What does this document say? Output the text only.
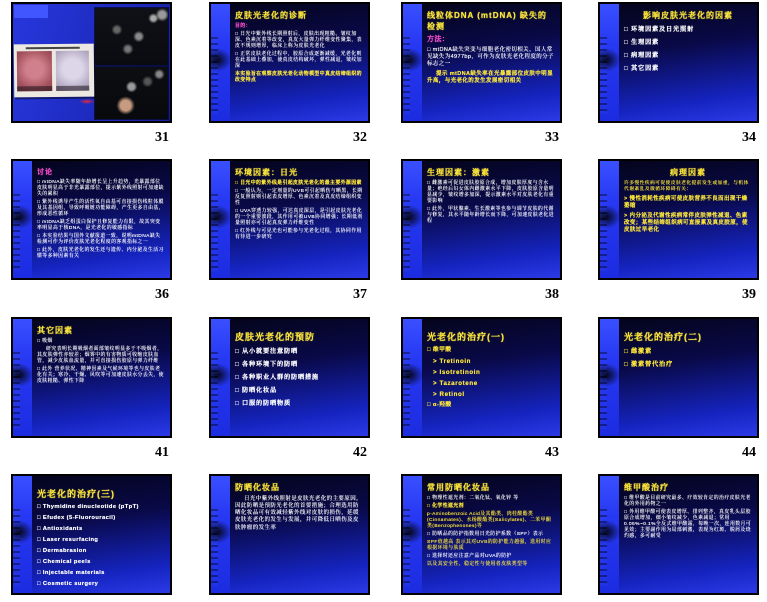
31
皮肤光老化的诊断
目的：
□ 日光中紫外线长期照射后，皮肤出现粗糙、皱纹加深、色素沉着等改变，真皮大量弹力纤维变性聚集，表皮不规则增厚，临床上称为皮肤光老化
□ 正常皮肤老化过程中，胶原合成逐渐减缓，光老化则在此基础上叠加，使真皮结构破坏，弹性减退，皱纹加深
本实验旨在观察皮肤光老化动物模型中真皮结缔组织的改变特点
32
线粒体DNA (mtDNA) 缺失的检测
方法：
□ mtDNA缺失突变与细胞老化密切相关，国人常见缺失为4977bp，可作为皮肤光老化程度的分子标志之一
提示 mtDNA缺失率在光暴露部位皮肤中明显升高，与光老化的发生发展密切相关
33
影响皮肤光老化的因素
□ 环境因素及日光照射
□ 生理因素
□ 病理因素
□ 其它因素
34
讨论
□ mtDNA缺失率随年龄增长呈上升趋势，光暴露部位皮肤明显高于非光暴露部位，提示紫外线照射可加速缺失的累积
□ 紫外线诱导产生的活性氧自由基可直接损伤线粒体膜及其基因组，导致呼吸链功能障碍，产生更多自由基，形成恶性循环
□ mtDNA缺乏组蛋白保护且修复能力有限，故其突变率明显高于核DNA，是光老化的敏感指标
□ 本实验结果与国外文献报道一致，说明mtDNA缺失检测可作为评价皮肤光老化程度的客观指标之一
□ 此外，皮肤光老化的发生还与遗传、内分泌及生活习惯等多种因素有关
36
环境因素：日光
□ 日光中的紫外线是引起皮肤光老化的最主要外源因素
□ 一般认为，一定剂量的UVB可引起晒伤与晒黑，长期反复照射则引起表皮增厚、色素沉着及真皮结缔组织变性
□ UVA穿透力较强，可达真皮深层，是引起皮肤光老化的一个重要波段，其作用可被UVB协同增强；长期低剂量照射亦可引起真皮弹力纤维变性
□ 红外线与可见光也可能参与光老化过程，其协同作用有待进一步研究
37
生理因素：激素
□ 雌激素可促进皮肤胶原合成，增加皮肤厚度与含水量；绝经后妇女体内雌激素水平下降，皮肤胶原含量明显减少，皱纹增多加深，提示激素水平对皮肤老化有重要影响
□ 此外，甲状腺素、生长激素等也参与调节皮肤的代谢与修复，其水平随年龄增长而下降，可加速皮肤老化进程
38
病理因素
许多慢性疾病可促使皮肤老化提前发生或加重，与机体代谢紊乱及微循环障碍有关：
> 慢性消耗性疾病可使皮肤营养不良而出现干燥萎缩
> 内分泌及代谢性疾病常伴皮肤弹性减退、色素改变；某些结缔组织病可直接累及真皮胶原，使皮肤过早老化
39
其它因素
□ 吸烟
研究表明长期吸烟者面部皱纹明显多于不吸烟者，其皮肤弹性亦较差；烟雾中的有害物质可收缩皮肤血管，减少皮肤血流量，并可直接损伤胶原与弹力纤维
□ 此外 营养状况、精神因素及气候环境等也与皮肤老化有关；寒冷、干燥、风吹等可加速皮肤水分丢失，使皮肤粗糙、弹性下降
41
皮肤光老化的预防
□ 从小就要注意防晒
□ 各种环境下的防晒
□ 各种职业人群的防晒措施
□ 防晒化妆品
□ 口服的防晒物质
42
光老化的治疗(一)
□ 维甲酸
> Tretinoin
> Isotretinoin
> Tazarotene
> Retinol
□ α-羟酸
43
光老化的治疗(二)
□ 雌激素
□ 激素替代治疗
44
光老化的治疗(三)
□ Thymidine dinucleotide (pTpT)
□ Efudex (5-Fluorouracil)
□ Antioxidants
□ Laser resurfacing
□ Dermabrasion
□ Chemical peels
□ Injectable materials
□ Cosmetic surgery
防晒化妆品
日光中紫外线照射是皮肤光老化的主要原因，因此防晒是预防光老化的首要措施；合理选用防晒化妆品可有效减轻紫外线对皮肤的损伤，延缓皮肤光老化的发生与发展，并可降低日晒伤及皮肤肿瘤的发生率
常用防晒化妆品
□ 物理性遮光剂：二氧化钛、氧化锌 等
□ 化学性遮光剂
p-Aminobenzoic Acid及其酯类、肉桂酸酯类(Cinnamates)、水杨酸酯类(Salicylates)、二苯甲酮类(Benzophenones)等
□ 防晒品的防护指数用日光防护系数（SPF）表示
SPF值越高 表示其对UVB的防护能力越强，选用时应根据环境与肤质
□ 选择时还应注意产品对UVA的防护
以及其安全性、稳定性与使用者皮肤类型等
维甲酸治疗
□ 维甲酸是目前研究最多、疗效较肯定的治疗皮肤光老化的外用药物之一
□ 外用维甲酸可使表皮增厚、排列整齐，真皮乳头层胶原合成增加，细小皱纹减少，色素减退；常用0.05%~0.1%全反式维甲酸霜，每晚一次，连用数月可见效；主要副作用为局部刺激，表现为红斑、脱屑及烧灼感，多可耐受
